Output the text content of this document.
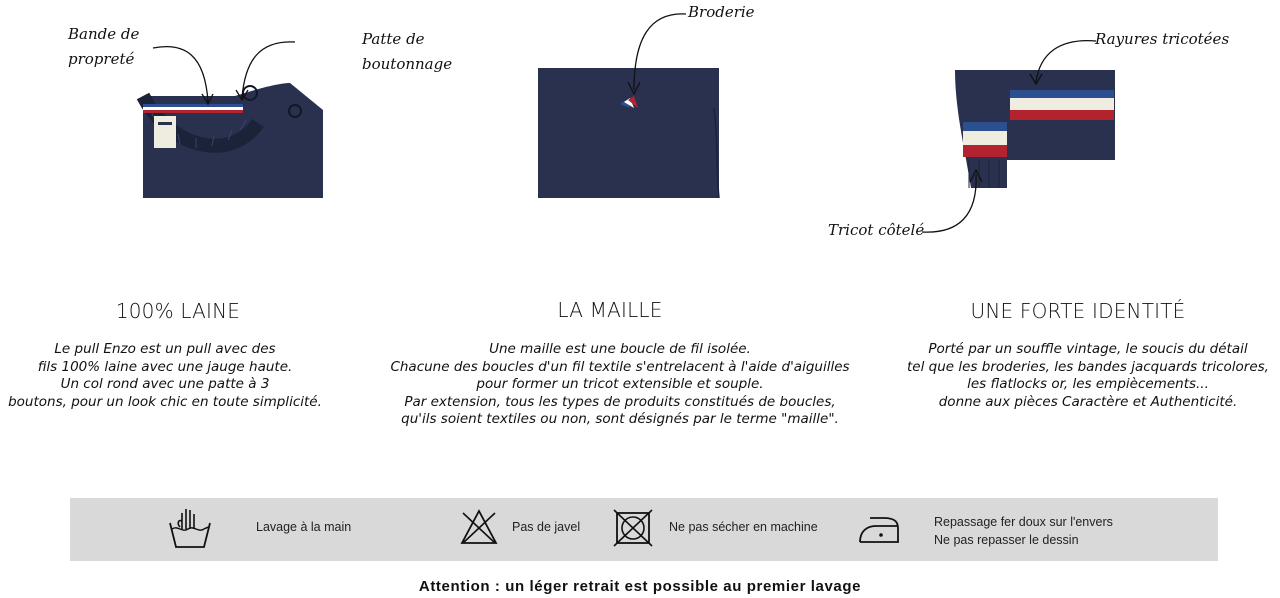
Bande de
propreté
Patte de
boutonnage
Broderie
Rayures tricotées
Tricot côtelé
100% LAINE
Le pull Enzo est un pull avec des
fils 100% laine avec une jauge haute.
Un col rond avec une patte à 3
boutons, pour un look chic en toute simplicité.
LA MAILLE
Une maille est une boucle de fil isolée.
Chacune des boucles d'un fil textile s'entrelacent à l'aide d'aiguilles
pour former un tricot extensible et souple.
Par extension, tous les types de produits constitués de boucles,
qu'ils soient textiles ou non, sont désignés par le terme "maille".
UNE FORTE IDENTITÉ
Porté par un souffle vintage, le soucis du détail
tel que les broderies, les bandes jacquards tricolores,
les flatlocks or, les empiècements...
donne aux pièces Caractère et Authenticité.
Lavage à la main	Pas de javel	Ne pas sécher en machine	Repassage fer doux sur l'envers
Ne pas repasser le dessin
Attention : un léger retrait est possible au premier lavage
